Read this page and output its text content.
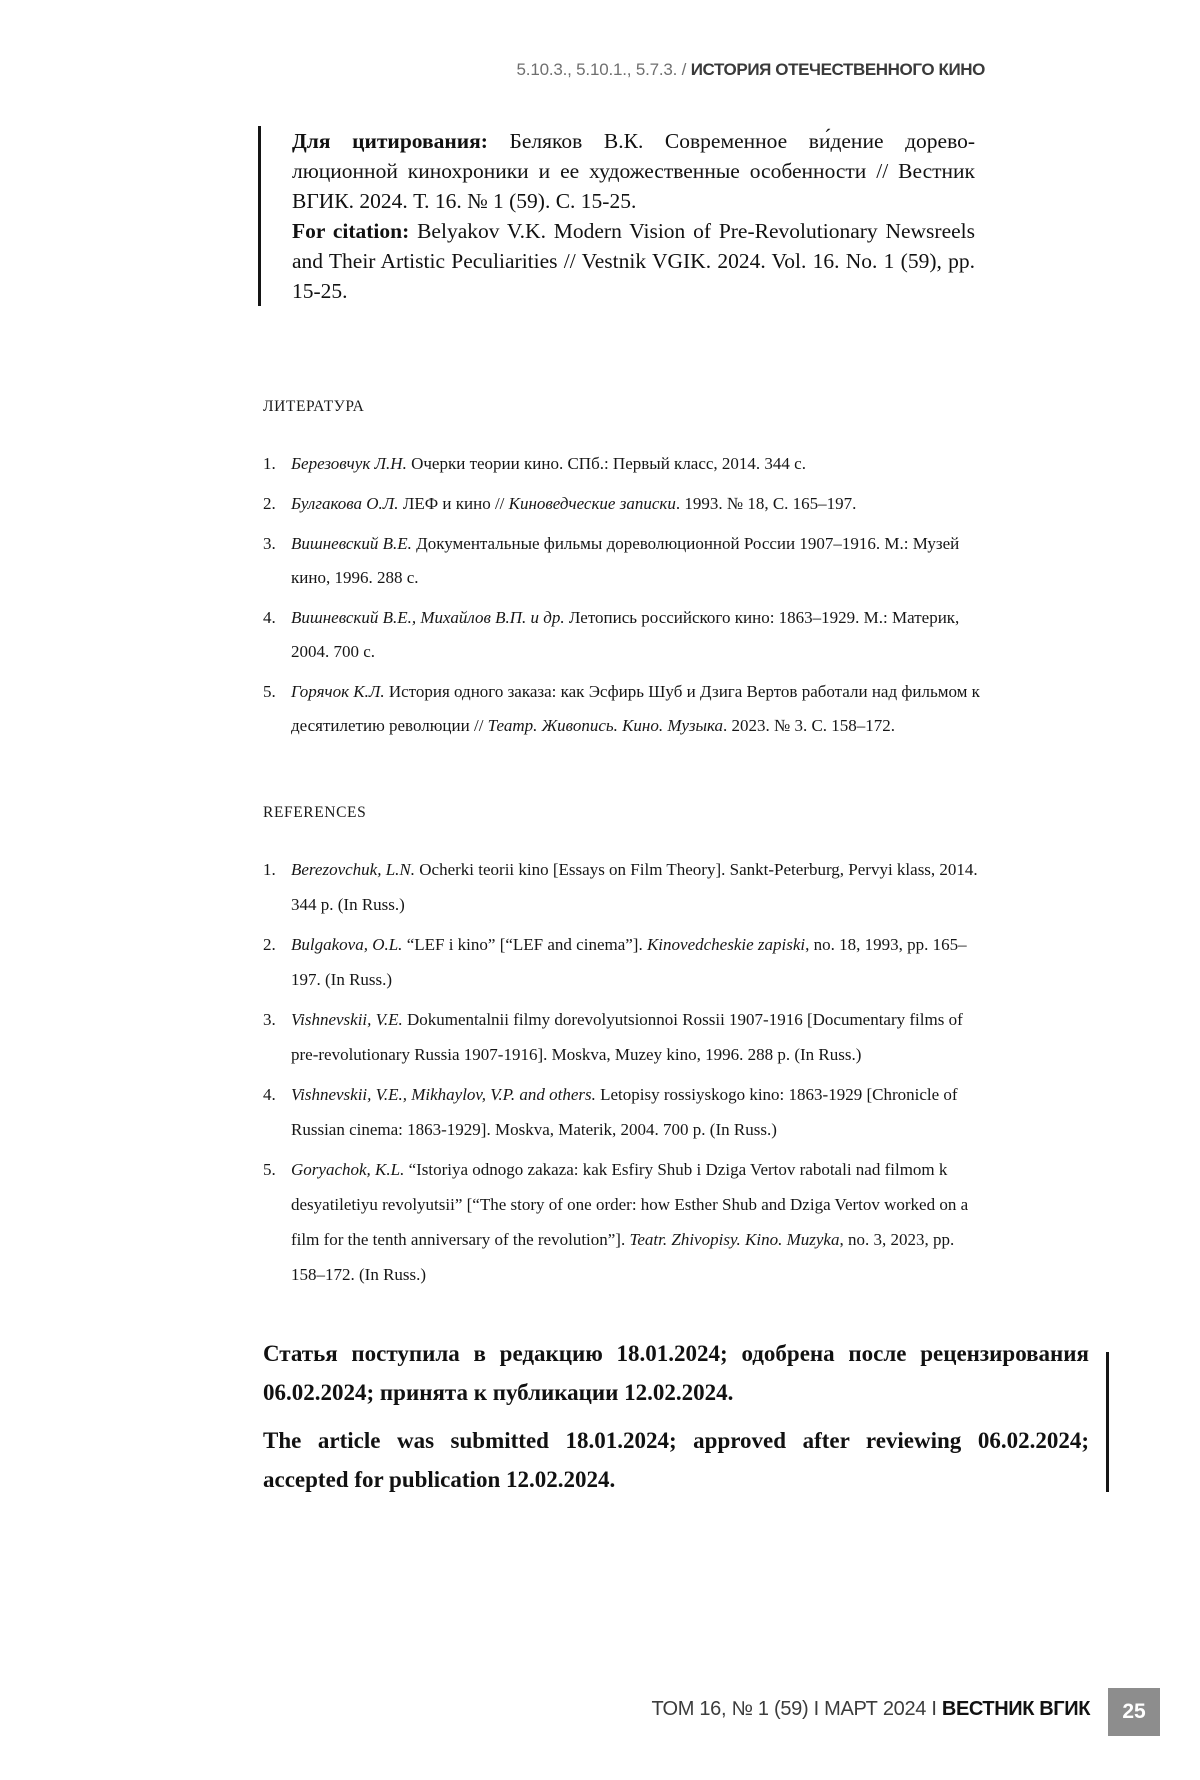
5.10.3., 5.10.1., 5.7.3. / ИСТОРИЯ ОТЕЧЕСТВЕННОГО КИНО

Для цитирования: Беляков В.К. Современное ви́дение дореволюционной кинохроники и ее художественные особенности // Вестник ВГИК. 2024. Т. 16. № 1 (59). С. 15-25.

For citation: Belyakov V.K. Modern Vision of Pre-Revolutionary Newsreels and Their Artistic Peculiarities // Vestnik VGIK. 2024. Vol. 16. No. 1 (59), pp. 15-25.

ЛИТЕРАТУРА
1. Березовчук Л.Н. Очерки теории кино. СПб.: Первый класс, 2014. 344 с.
2. Булгакова О.Л. ЛЕФ и кино // Киноведческие записки. 1993. № 18, С. 165–197.
3. Вишневский В.Е. Документальные фильмы дореволюционной России 1907–1916. М.: Музей кино, 1996. 288 с.
4. Вишневский В.Е., Михайлов В.П. и др. Летопись российского кино: 1863–1929. М.: Материк, 2004. 700 с.
5. Горячок К.Л. История одного заказа: как Эсфирь Шуб и Дзига Вертов работали над фильмом к десятилетию революции // Театр. Живопись. Кино. Музыка. 2023. № 3. С. 158–172.
REFERENCES
1. Berezovchuk, L.N. Ocherki teorii kino [Essays on Film Theory]. Sankt-Peterburg, Pervyi klass, 2014. 344 p. (In Russ.)
2. Bulgakova, O.L. “LEF i kino” [“LEF and cinema”]. Kinovedcheskie zapiski, no. 18, 1993, pp. 165–197. (In Russ.)
3. Vishnevskii, V.E. Dokumentalnii filmy dorevolyutsionnoi Rossii 1907-1916 [Documentary films of pre-revolutionary Russia 1907-1916]. Moskva, Muzey kino, 1996. 288 p. (In Russ.)
4. Vishnevskii, V.E., Mikhaylov, V.P. and others. Letopisy rossiyskogo kino: 1863-1929 [Chronicle of Russian cinema: 1863-1929]. Moskva, Materik, 2004. 700 p. (In Russ.)
5. Goryachok, K.L. “Istoriya odnogo zakaza: kak Esfiry Shub i Dziga Vertov rabotali nad filmom k desyatiletiyu revolyutsii” [“The story of one order: how Esther Shub and Dziga Vertov worked on a film for the tenth anniversary of the revolution”]. Teatr. Zhivopisy. Kino. Muzyka, no. 3, 2023, pp. 158–172. (In Russ.)

Статья поступила в редакцию 18.01.2024; одобрена после рецензирования 06.02.2024; принята к публикации 12.02.2024.

The article was submitted 18.01.2024; approved after reviewing 06.02.2024; accepted for publication 12.02.2024.

ТОМ 16, № 1 (59) I МАРТ 2024 I ВЕСТНИК ВГИК	25
